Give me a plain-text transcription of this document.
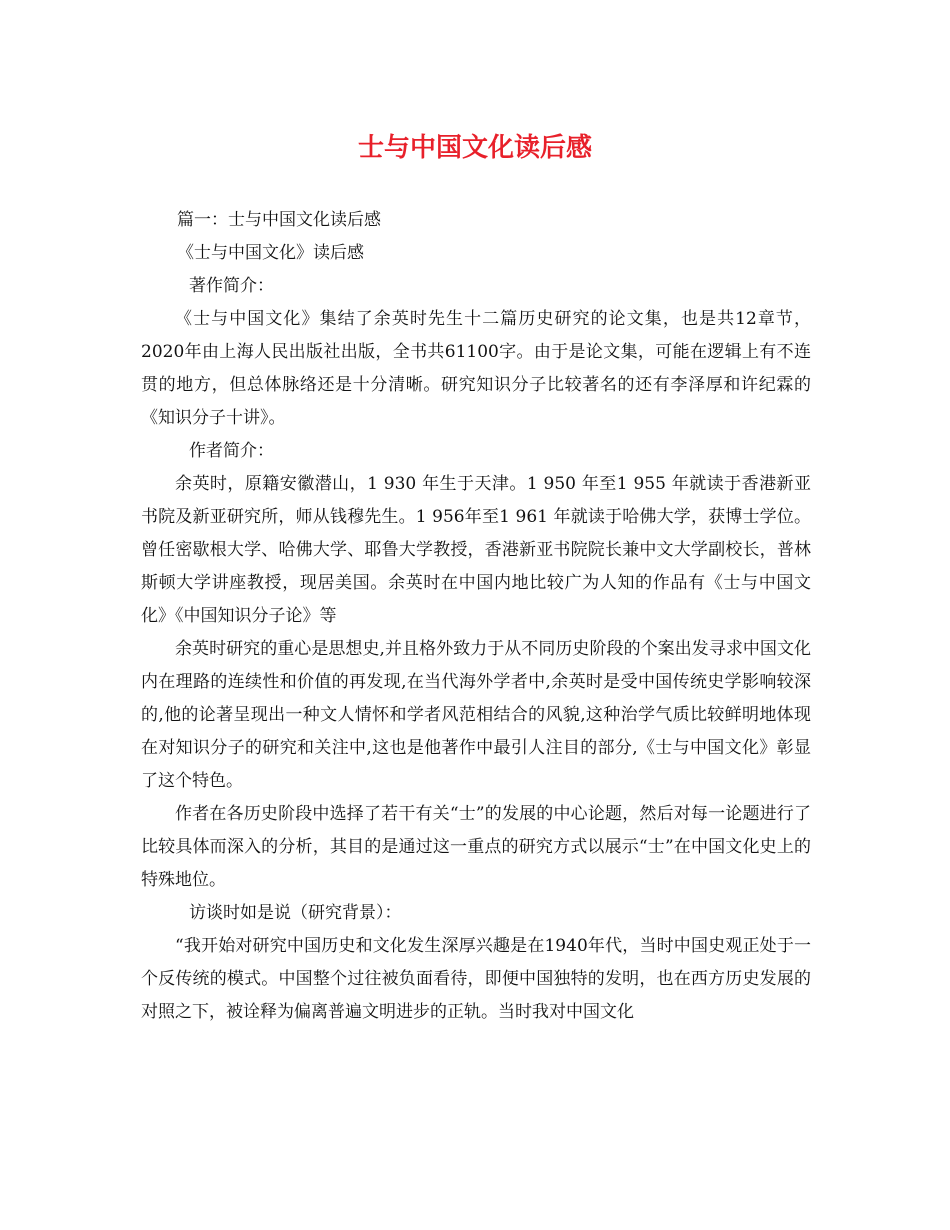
士与中国文化读后感

篇一：士与中国文化读后感

《士与中国文化》读后感

著作简介：

《士与中国文化》集结了余英时先生十二篇历史研究的论文集，也是共12章节，2020年由上海人民出版社出版，全书共61100字。由于是论文集，可能在逻辑上有不连贯的地方，但总体脉络还是十分清晰。研究知识分子比较著名的还有李泽厚和许纪霖的《知识分子十讲》。

作者简介：

余英时，原籍安徽潜山，1 930 年生于天津。1 950 年至1 955 年就读于香港新亚书院及新亚研究所，师从钱穆先生。1 956年至1 961 年就读于哈佛大学，获博士学位。曾任密歇根大学、哈佛大学、耶鲁大学教授，香港新亚书院院长兼中文大学副校长，普林斯顿大学讲座教授，现居美国。余英时在中国内地比较广为人知的作品有《士与中国文化》《中国知识分子论》等

余英时研究的重心是思想史,并且格外致力于从不同历史阶段的个案出发寻求中国文化内在理路的连续性和价值的再发现,在当代海外学者中,余英时是受中国传统史学影响较深的,他的论著呈现出一种文人情怀和学者风范相结合的风貌,这种治学气质比较鲜明地体现在对知识分子的研究和关注中,这也是他著作中最引人注目的部分,《士与中国文化》彰显了这个特色。

作者在各历史阶段中选择了若干有关“士”的发展的中心论题，然后对每一论题进行了比较具体而深入的分析，其目的是通过这一重点的研究方式以展示“士”在中国文化史上的特殊地位。

访谈时如是说（研究背景）：

“我开始对研究中国历史和文化发生深厚兴趣是在1940年代，当时中国史观正处于一个反传统的模式。中国整个过往被负面看待，即便中国独特的发明，也在西方历史发展的对照之下，被诠释为偏离普遍文明进步的正轨。当时我对中国文化
